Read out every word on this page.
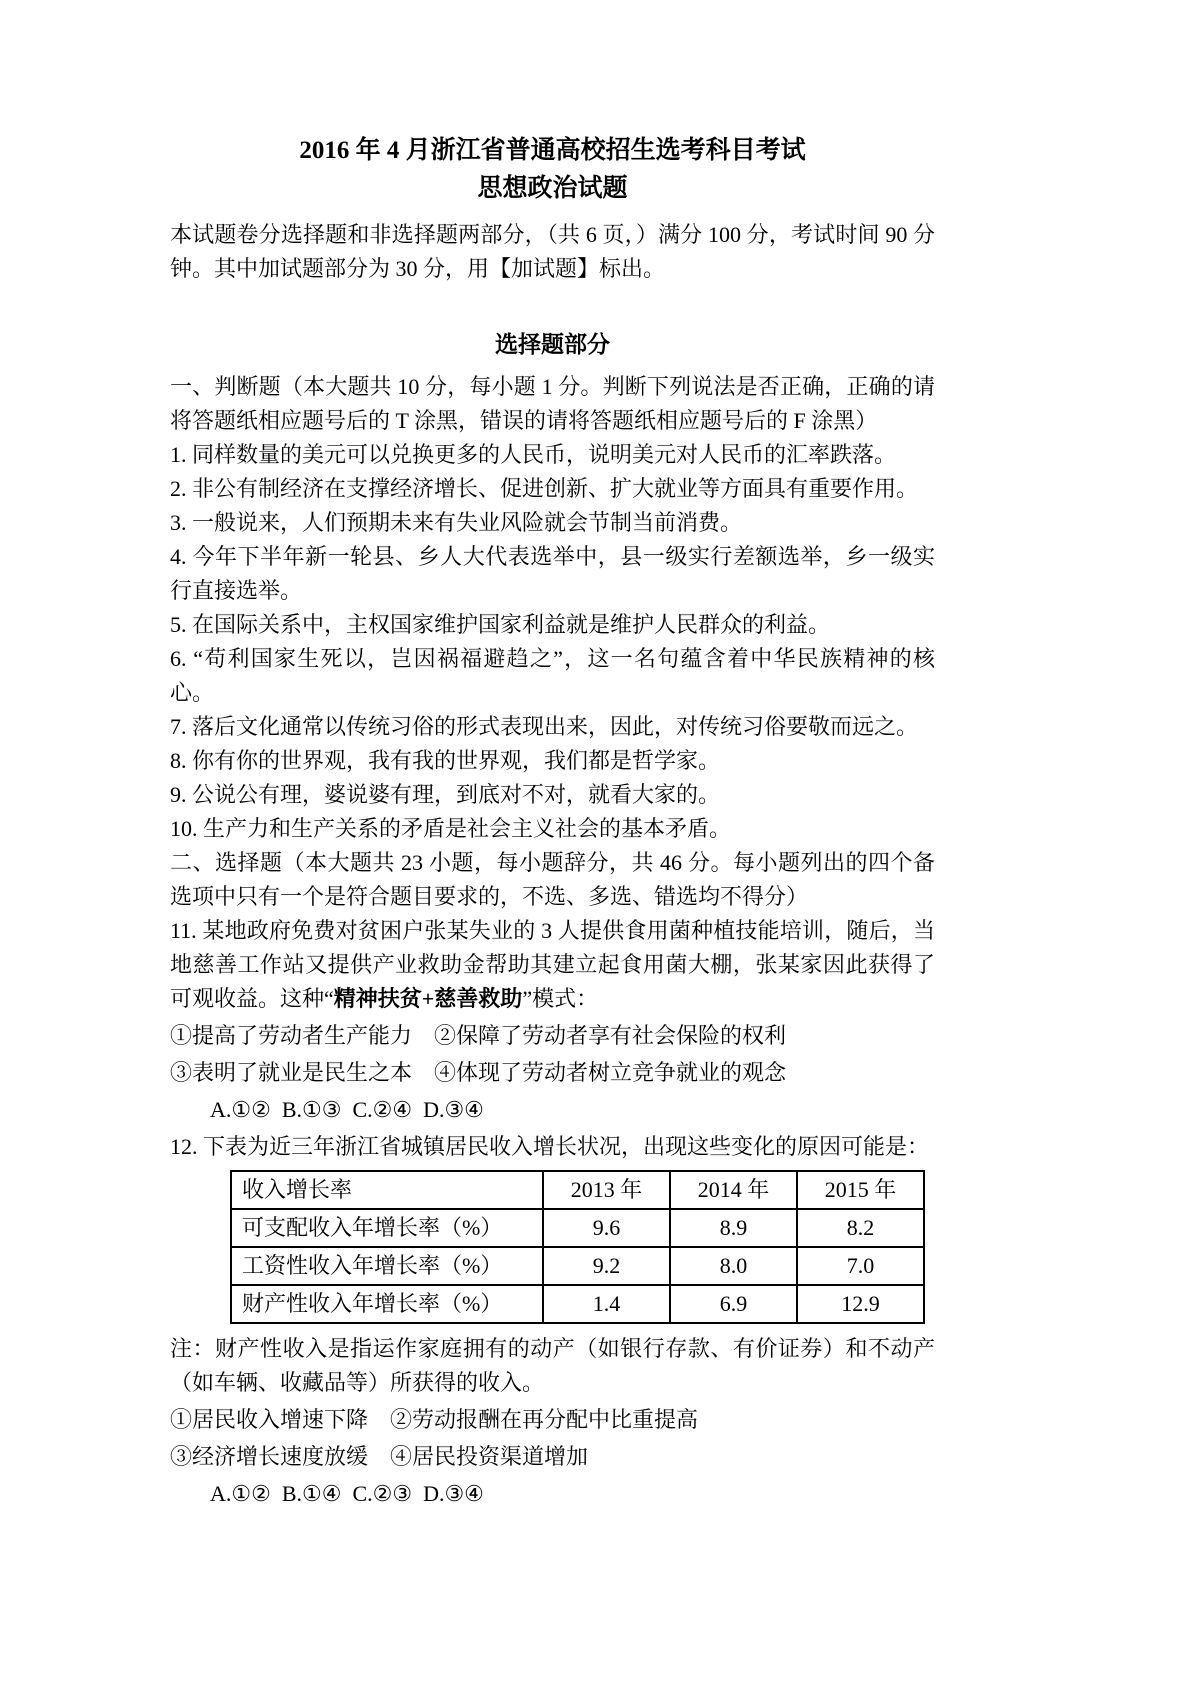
2016 年 4 月浙江省普通高校招生选考科目考试
思想政治试题

本试题卷分选择题和非选择题两部分，（共 6 页，）满分 100 分，考试时间 90 分钟。其中加试题部分为 30 分，用【加试题】标出。

选择题部分

一、判断题（本大题共 10 分，每小题 1 分。判断下列说法是否正确，正确的请将答题纸相应题号后的 T 涂黑，错误的请将答题纸相应题号后的 F 涂黑）

1. 同样数量的美元可以兑换更多的人民币，说明美元对人民币的汇率跌落。

2. 非公有制经济在支撑经济增长、促进创新、扩大就业等方面具有重要作用。

3. 一般说来，人们预期未来有失业风险就会节制当前消费。

4. 今年下半年新一轮县、乡人大代表选举中，县一级实行差额选举，乡一级实行直接选举。

5. 在国际关系中，主权国家维护国家利益就是维护人民群众的利益。

6. “苟利国家生死以，岂因祸福避趋之”，这一名句蕴含着中华民族精神的核心。

7. 落后文化通常以传统习俗的形式表现出来，因此，对传统习俗要敬而远之。

8. 你有你的世界观，我有我的世界观，我们都是哲学家。

9. 公说公有理，婆说婆有理，到底对不对，就看大家的。

10. 生产力和生产关系的矛盾是社会主义社会的基本矛盾。

二、选择题（本大题共 23 小题，每小题辞分，共 46 分。每小题列出的四个备选项中只有一个是符合题目要求的，不选、多选、错选均不得分）

11. 某地政府免费对贫困户张某失业的 3 人提供食用菌种植技能培训，随后，当地慈善工作站又提供产业救助金帮助其建立起食用菌大棚，张某家因此获得了可观收益。这种“精神扶贫+慈善救助”模式：

①提高了劳动者生产能力　②保障了劳动者享有社会保险的权利

③表明了就业是民生之本　④体现了劳动者树立竞争就业的观念

A.①②  B.①③  C.②④  D.③④

12. 下表为近三年浙江省城镇居民收入增长状况，出现这些变化的原因可能是：

收入增长率	2013 年	2014 年	2015 年
可支配收入年增长率（%）	9.6	8.9	8.2
工资性收入年增长率（%）	9.2	8.0	7.0
财产性收入年增长率（%）	1.4	6.9	12.9

注：财产性收入是指运作家庭拥有的动产（如银行存款、有价证券）和不动产（如车辆、收藏品等）所获得的收入。

①居民收入增速下降　②劳动报酬在再分配中比重提高

③经济增长速度放缓　④居民投资渠道增加

A.①②  B.①④  C.②③  D.③④
